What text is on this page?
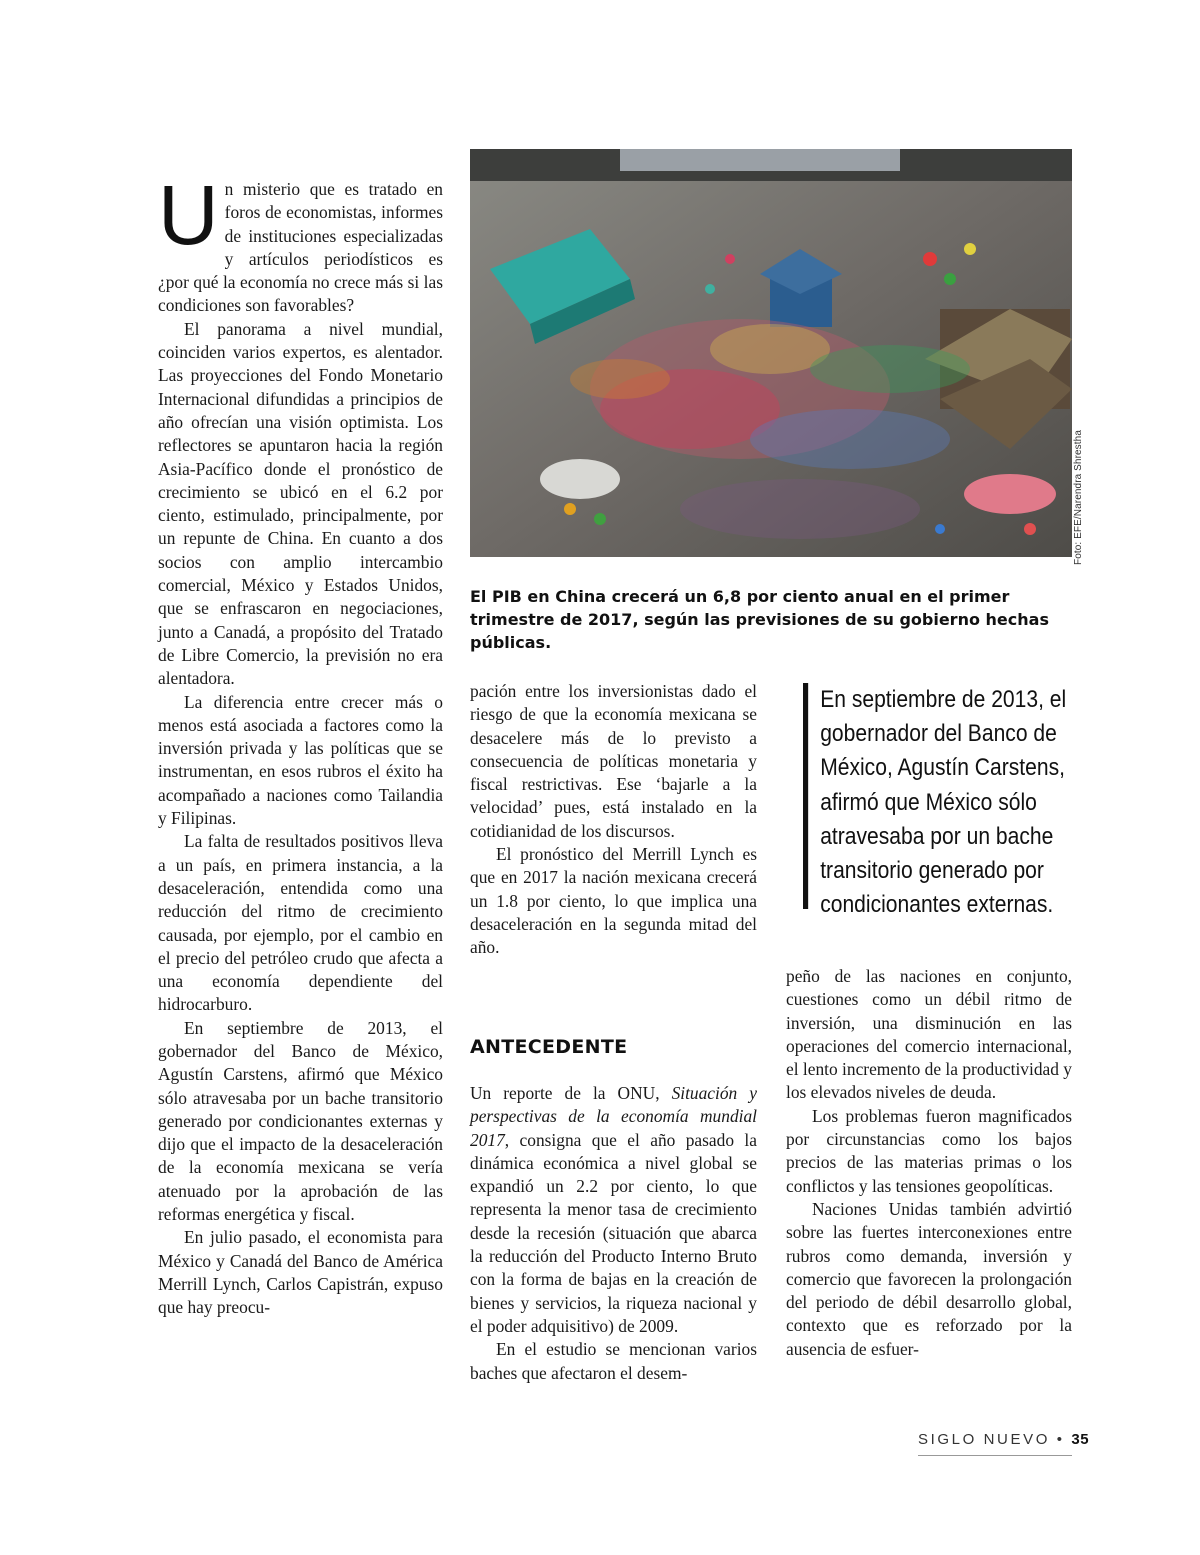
Un misterio que es tratado en foros de economistas, informes de instituciones especializadas y artículos periodísticos es ¿por qué la economía no crece más si las condiciones son favorables?

El panorama a nivel mundial, coinciden varios expertos, es alentador. Las proyecciones del Fondo Monetario Internacional difundidas a principios de año ofrecían una visión optimista. Los reflectores se apuntaron hacia la región Asia-Pacífico donde el pronóstico de crecimiento se ubicó en el 6.2 por ciento, estimulado, principalmente, por un repunte de China. En cuanto a dos socios con amplio intercambio comercial, México y Estados Unidos, que se enfrascaron en negociaciones, junto a Canadá, a propósito del Tratado de Libre Comercio, la previsión no era alentadora.

La diferencia entre crecer más o menos está asociada a factores como la inversión privada y las políticas que se instrumentan, en esos rubros el éxito ha acompañado a naciones como Tailandia y Filipinas.

La falta de resultados positivos lleva a un país, en primera instancia, a la desaceleración, entendida como una reducción del ritmo de crecimiento causada, por ejemplo, por el cambio en el precio del petróleo crudo que afecta a una economía dependiente del hidrocarburo.

En septiembre de 2013, el gobernador del Banco de México, Agustín Carstens, afirmó que México sólo atravesaba por un bache transitorio generado por condicionantes externas y dijo que el impacto de la desaceleración de la economía mexicana se vería atenuado por la aprobación de las reformas energética y fiscal.

En julio pasado, el economista para México y Canadá del Banco de América Merrill Lynch, Carlos Capistrán, expuso que hay preocu-

Foto: EFE/Narendra Shrestha
El PIB en China crecerá un 6,8 por ciento anual en el primer trimestre de 2017, según las previsiones de su gobierno hechas públicas.

pación entre los inversionistas dado el riesgo de que la economía mexicana se desacelere más de lo previsto a consecuencia de políticas monetaria y fiscal restrictivas. Ese ‘bajarle a la velocidad’ pues, está instalado en la cotidianidad de los discursos.

El pronóstico del Merrill Lynch es que en 2017 la nación mexicana crecerá un 1.8 por ciento, lo que implica una desaceleración en la segunda mitad del año.

En septiembre de 2013, el gobernador del Banco de México, Agustín Carstens, afirmó que México sólo atravesaba por un bache transitorio generado por condicionantes externas.
ANTECEDENTE

Un reporte de la ONU, Situación y perspectivas de la economía mundial 2017, consigna que el año pasado la dinámica económica a nivel global se expandió un 2.2 por ciento, lo que representa la menor tasa de crecimiento desde la recesión (situación que abarca la reducción del Producto Interno Bruto con la forma de bajas en la creación de bienes y servicios, la riqueza nacional y el poder adquisitivo) de 2009.

En el estudio se mencionan varios baches que afectaron el desem-

peño de las naciones en conjunto, cuestiones como un débil ritmo de inversión, una disminución en las operaciones del comercio internacional, el lento incremento de la productividad y los elevados niveles de deuda.

Los problemas fueron magnificados por circunstancias como los bajos precios de las materias primas o los conflictos y las tensiones geopolíticas.

Naciones Unidas también advirtió sobre las fuertes interconexiones entre rubros como demanda, inversión y comercio que favorecen la prolongación del periodo de débil desarrollo global, contexto que es reforzado por la ausencia de esfuer-

SIGLO NUEVO • 35
